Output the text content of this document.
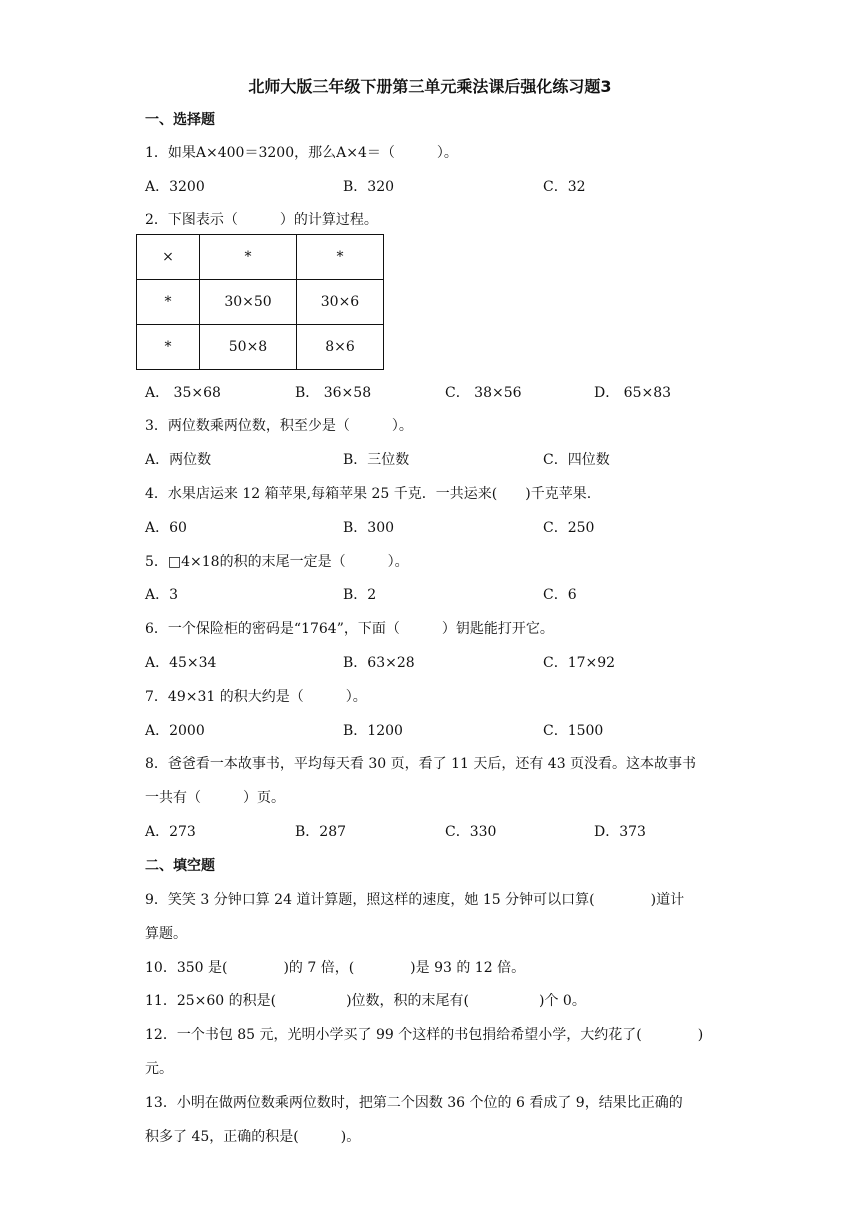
北师大版三年级下册第三单元乘法课后强化练习题3
一、选择题
1．如果A×400＝3200，那么A×4＝（　　　）。
A．3200	B．320	C．32
2．下图表示（　　　）的计算过程。
×	*	*
*	30×50	30×6
*	50×8	8×6
A． 35×68	B． 36×58	C． 38×56	D． 65×83
3．两位数乘两位数，积至少是（　　　）。
A．两位数	B．三位数	C．四位数
4．水果店运来 12 箱苹果,每箱苹果 25 千克．一共运来(　　)千克苹果.
A．60	B．300	C．250
5．□4×18的积的末尾一定是（　　　）。
A．3	B．2	C．6
6．一个保险柜的密码是“1764”，下面（　　　）钥匙能打开它。
A．45×34	B．63×28	C．17×92
7．49×31 的积大约是（　　　）。
A．2000	B．1200	C．1500
8．爸爸看一本故事书，平均每天看 30 页，看了 11 天后，还有 43 页没看。这本故事书
一共有（　　　）页。
A．273	B．287	C．330	D．373
二、填空题
9．笑笑 3 分钟口算 24 道计算题，照这样的速度，她 15 分钟可以口算(　　　　)道计
算题。
10．350 是(　　　　)的 7 倍，(　　　　)是 93 的 12 倍。
11．25×60 的积是(　　　　　)位数，积的末尾有(　　　　　)个 0。
12．一个书包 85 元，光明小学买了 99 个这样的书包捐给希望小学，大约花了(　　　　)
元。
13．小明在做两位数乘两位数时，把第二个因数 36 个位的 6 看成了 9，结果比正确的
积多了 45，正确的积是(　　　)。
